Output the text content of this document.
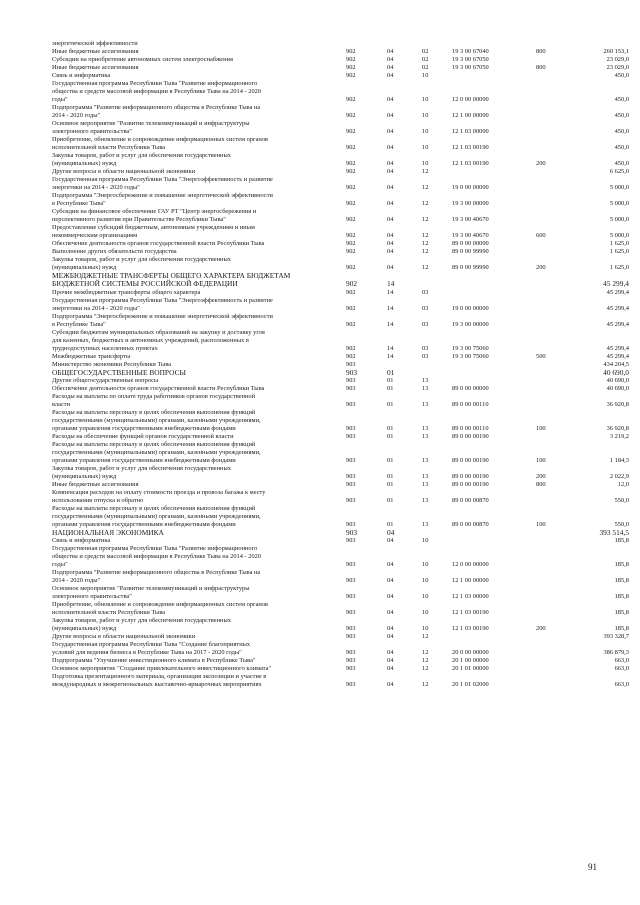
энергетической эффективности
Иные бюджетные ассигнования	902	04	02	19 3 00 67040	800	260 153,1
Субсидии на приобретение автономных систем электроснабжения	902	04	02	19 3 00 67050	23 029,0
Иные бюджетные ассигнования	902	04	02	19 3 00 67050	800	23 029,0
Связь и информатика	902	04	10	450,0
Государственная программа Республики Тыва "Развитие информационного
общества и средств массовой информации в Республике Тыва на 2014 - 2020
годы"	902	04	10	12 0 00 00000	450,0
Подпрограмма "Развитие информационного общества в Республике Тыва на
2014 - 2020 годы"	902	04	10	12 1 00 00000	450,0
Основное мероприятие "Развитие телекоммуникаций и инфраструктуры
электронного правительства"	902	04	10	12 1 03 00000	450,0
Приобретение, обновление и сопровождение информационных систем органов
исполнительной власти Республики Тыва	902	04	10	12 1 03 00190	450,0
Закупка товаров, работ и услуг для обеспечения государственных
(муниципальных) нужд	902	04	10	12 1 03 00190	200	450,0
Другие вопросы в области национальной экономики	902	04	12	6 625,0
Государственная программа Республики Тыва "Энергоэффективность и развитие
энергетики на 2014 - 2020 годы"	902	04	12	19 0 00 00000	5 000,0
Подпрограмма "Энергосбережение и повышение энергетической эффективности
в Республике Тыва"	902	04	12	19 3 00 00000	5 000,0
Субсидии на финансовое обеспечение ГАУ РТ "Центр энергосбережения и
перспективного развития при Правительстве Республики Тыва"	902	04	12	19 3 00 40670	5 000,0
Предоставление субсидий бюджетным, автономным учреждениям и иным
некоммерческим организациям	902	04	12	19 3 00 40670	600	5 000,0
Обеспечение деятельности органов государственной власти Республики Тыва	902	04	12	89 0 00 00000	1 625,0
Выполнение других обязательств государства	902	04	12	89 0 00 99990	1 625,0
Закупка товаров, работ и услуг для обеспечения государственных
(муниципальных) нужд	902	04	12	89 0 00 99990	200	1 625,0
МЕЖБЮДЖЕТНЫЕ ТРАНСФЕРТЫ ОБЩЕГО ХАРАКТЕРА БЮДЖЕТАМ
БЮДЖЕТНОЙ СИСТЕМЫ РОССИЙСКОЙ ФЕДЕРАЦИИ	902	14	45 299,4
Прочие межбюджетные трансферты общего характера	902	14	03	45 299,4
Государственная программа Республики Тыва "Энергоэффективность и развитие
энергетики на 2014 - 2020 годы"	902	14	03	19 0 00 00000	45 299,4
Подпрограмма "Энергосбережение и повышение энергетической эффективности
в Республике Тыва"	902	14	03	19 3 00 00000	45 299,4
Субсидии бюджетам муниципальных образований на закупку и доставку угля
для казенных, бюджетных и автономных учреждений, расположенных в
труднодоступных населенных пунктах	902	14	03	19 3 00 75060	45 299,4
Межбюджетные трансферты	902	14	03	19 3 00 75060	500	45 299,4
Министерство экономики Республики Тыва	903	434 204,5
ОБЩЕГОСУДАРСТВЕННЫЕ ВОПРОСЫ	903	01	40 690,0
Другие общегосударственные вопросы	903	01	13	40 690,0
Обеспечение деятельности органов государственной власти Республики Тыва	903	01	13	89 0 00 00000	40 690,0
Расходы на выплаты по оплате труда работников органов государственной
власти	903	01	13	89 0 00 00110	36 920,8
Расходы на выплаты персоналу в целях обеспечения выполнения функций
государственными (муниципальными) органами, казенными учреждениями,
органами управления государственными внебюджетными фондами	903	01	13	89 0 00 00110	100	36 920,8
Расходы на обеспечение функций органов государственной власти	903	01	13	89 0 00 00190	3 219,2
Расходы на выплаты персоналу в целях обеспечения выполнения функций
государственными (муниципальными) органами, казенными учреждениями,
органами управления государственными внебюджетными фондами	903	01	13	89 0 00 00190	100	1 184,3
Закупка товаров, работ и услуг для обеспечения государственных
(муниципальных) нужд	903	01	13	89 0 00 00190	200	2 022,9
Иные бюджетные ассигнования	903	01	13	89 0 00 00190	800	12,0
Компенсация расходов на оплату стоимости проезда и провоза багажа к месту
использования отпуска и обратно	903	01	13	89 0 00 00870	550,0
Расходы на выплаты персоналу в целях обеспечения выполнения функций
государственными (муниципальными) органами, казенными учреждениями,
органами управления государственными внебюджетными фондами	903	01	13	89 0 00 00870	100	550,0
НАЦИОНАЛЬНАЯ ЭКОНОМИКА	903	04	393 514,5
Связь и информатика	903	04	10	185,8
Государственная программа Республики Тыва "Развитие информационного
общества и средств массовой информации в Республике Тыва на 2014 - 2020
годы"	903	04	10	12 0 00 00000	185,8
Подпрограмма "Развитие информационного общества в Республике Тыва на
2014 - 2020 годы"	903	04	10	12 1 00 00000	185,8
Основное мероприятие "Развитие телекоммуникаций и инфраструктуры
электронного правительства"	903	04	10	12 1 03 00000	185,8
Приобретение, обновление и сопровождение информационных систем органов
исполнительной власти Республики Тыва	903	04	10	12 1 03 00190	185,8
Закупка товаров, работ и услуг для обеспечения государственных
(муниципальных) нужд	903	04	10	12 1 03 00190	200	185,8
Другие вопросы в области национальной экономики	903	04	12	393 328,7
Государственная программа Республики Тыва "Создание благоприятных
условий для ведения бизнеса в Республике Тыва на 2017 - 2020 годы"	903	04	12	20 0 00 00000	386 879,3
Подпрограмма "Улучшение инвестиционного климата в Республике Тыва"	903	04	12	20 1 00 00000	663,0
Основное мероприятие "Создание привлекательного инвестиционного климата"	903	04	12	20 1 01 00000	663,0
Подготовка презентационного материала, организация экспозиции и участие в
международных и межрегиональных выставочно-ярмарочных мероприятиях	903	04	12	20 1 01 02000	663,0
91
